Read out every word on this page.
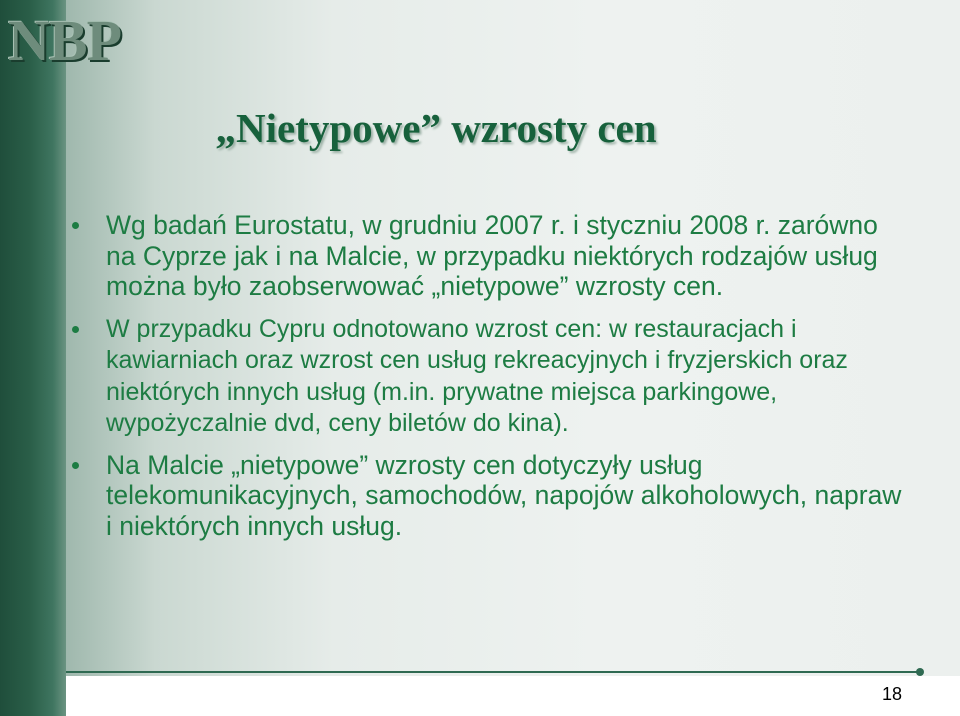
NBP
„Nietypowe” wzrosty cen
Wg badań Eurostatu, w grudniu 2007 r. i styczniu 2008 r. zarówno na Cyprze jak i na Malcie, w przypadku niektórych rodzajów usług można było zaobserwować „nietypowe” wzrosty cen.
W przypadku Cypru odnotowano wzrost cen: w restauracjach i kawiarniach oraz wzrost cen usług rekreacyjnych i fryzjerskich oraz niektórych innych usług (m.in. prywatne miejsca parkingowe, wypożyczalnie dvd, ceny biletów do kina).
Na Malcie „nietypowe” wzrosty cen dotyczyły usług telekomunikacyjnych, samochodów, napojów alkoholowych, napraw i niektórych innych usług.
18
